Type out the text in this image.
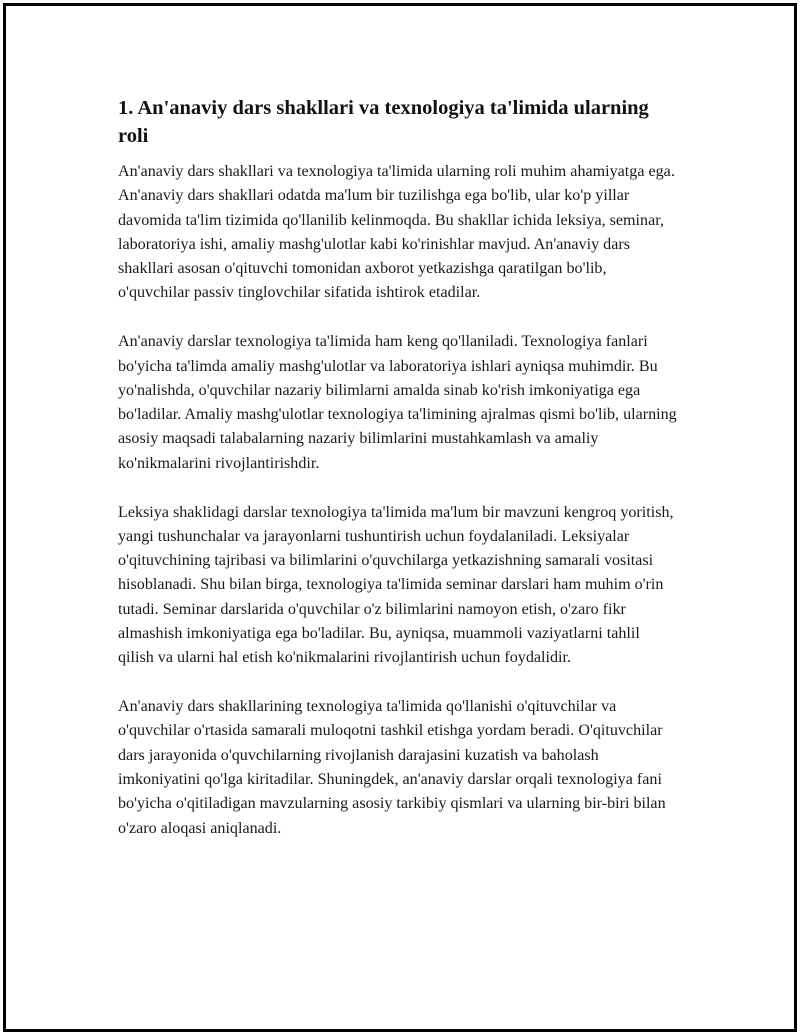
1. An'anaviy dars shakllari va texnologiya ta'limida ularning roli

An'anaviy dars shakllari va texnologiya ta'limida ularning roli muhim ahamiyatga ega. An'anaviy dars shakllari odatda ma'lum bir tuzilishga ega bo'lib, ular ko'p yillar davomida ta'lim tizimida qo'llanilib kelinmoqda. Bu shakllar ichida leksiya, seminar, laboratoriya ishi, amaliy mashg'ulotlar kabi ko'rinishlar mavjud. An'anaviy dars shakllari asosan o'qituvchi tomonidan axborot yetkazishga qaratilgan bo'lib, o'quvchilar passiv tinglovchilar sifatida ishtirok etadilar.

An'anaviy darslar texnologiya ta'limida ham keng qo'llaniladi. Texnologiya fanlari bo'yicha ta'limda amaliy mashg'ulotlar va laboratoriya ishlari ayniqsa muhimdir. Bu yo'nalishda, o'quvchilar nazariy bilimlarni amalda sinab ko'rish imkoniyatiga ega bo'ladilar. Amaliy mashg'ulotlar texnologiya ta'limining ajralmas qismi bo'lib, ularning asosiy maqsadi talabalarning nazariy bilimlarini mustahkamlash va amaliy ko'nikmalarini rivojlantirishdir.

Leksiya shaklidagi darslar texnologiya ta'limida ma'lum bir mavzuni kengroq yoritish, yangi tushunchalar va jarayonlarni tushuntirish uchun foydalaniladi. Leksiyalar o'qituvchining tajribasi va bilimlarini o'quvchilarga yetkazishning samarali vositasi hisoblanadi. Shu bilan birga, texnologiya ta'limida seminar darslari ham muhim o'rin tutadi. Seminar darslarida o'quvchilar o'z bilimlarini namoyon etish, o'zaro fikr almashish imkoniyatiga ega bo'ladilar. Bu, ayniqsa, muammoli vaziyatlarni tahlil qilish va ularni hal etish ko'nikmalarini rivojlantirish uchun foydalidir.

An'anaviy dars shakllarining texnologiya ta'limida qo'llanishi o'qituvchilar va o'quvchilar o'rtasida samarali muloqotni tashkil etishga yordam beradi. O'qituvchilar dars jarayonida o'quvchilarning rivojlanish darajasini kuzatish va baholash imkoniyatini qo'lga kiritadilar. Shuningdek, an'anaviy darslar orqali texnologiya fani bo'yicha o'qitiladigan mavzularning asosiy tarkibiy qismlari va ularning bir-biri bilan o'zaro aloqasi aniqlanadi.
